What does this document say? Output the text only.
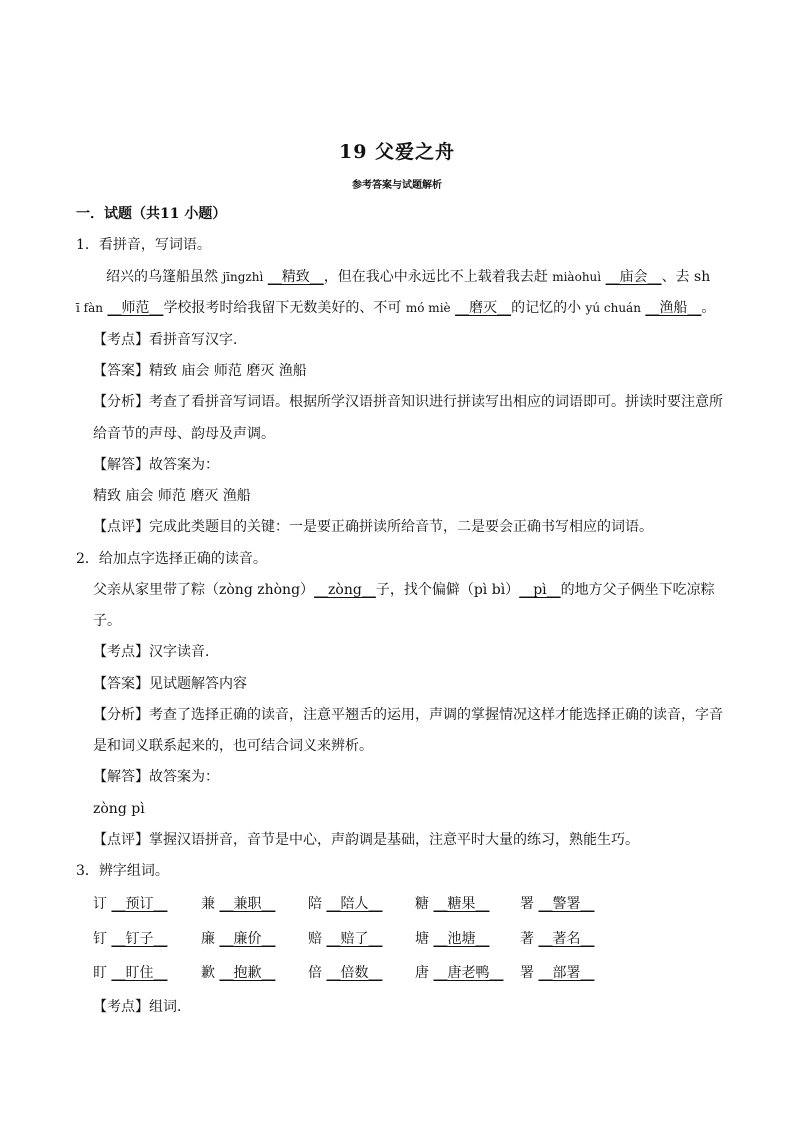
19 父爱之舟
参考答案与试题解析
一．试题（共11 小题）
1．看拼音，写词语。
绍兴的乌篷船虽然 jīngzhì __精致__，但在我心中永远比不上载着我去赶 miàohuì __庙会__、去 sh
ī fàn __师范__学校报考时给我留下无数美好的、不可 mó miè __磨灭__的记忆的小 yú chuán __渔船__。
【考点】看拼音写汉字．
【答案】精致 庙会 师范 磨灭 渔船
【分析】考查了看拼音写词语。根据所学汉语拼音知识进行拼读写出相应的词语即可。拼读时要注意所
给音节的声母、韵母及声调。
【解答】故答案为：
精致 庙会 师范 磨灭 渔船
【点评】完成此类题目的关键：一是要正确拼读所给音节，二是要会正确书写相应的词语。
2．给加点字选择正确的读音。
父亲从家里带了粽（zòng zhòng）__zòng__子，找个偏僻（pì bì）__pì__的地方父子俩坐下吃凉粽
子。
【考点】汉字读音．
【答案】见试题解答内容
【分析】考查了选择正确的读音，注意平翘舌的运用，声调的掌握情况这样才能选择正确的读音，字音
是和词义联系起来的，也可结合词义来辨析。
【解答】故答案为：
zòng pì
【点评】掌握汉语拼音，音节是中心，声韵调是基础，注意平时大量的练习，熟能生巧。
3．辨字组词。
订 __预订__ 兼 __兼职__ 陪 __陪人__ 糖 __糖果__ 署 __警署__
钉 __钉子__ 廉 __廉价__ 赔 __赔了__ 塘 __池塘__ 著 __著名__
盯 __盯住__ 歉 __抱歉__ 倍 __倍数__ 唐 __唐老鸭__ 署 __部署__
【考点】组词．
